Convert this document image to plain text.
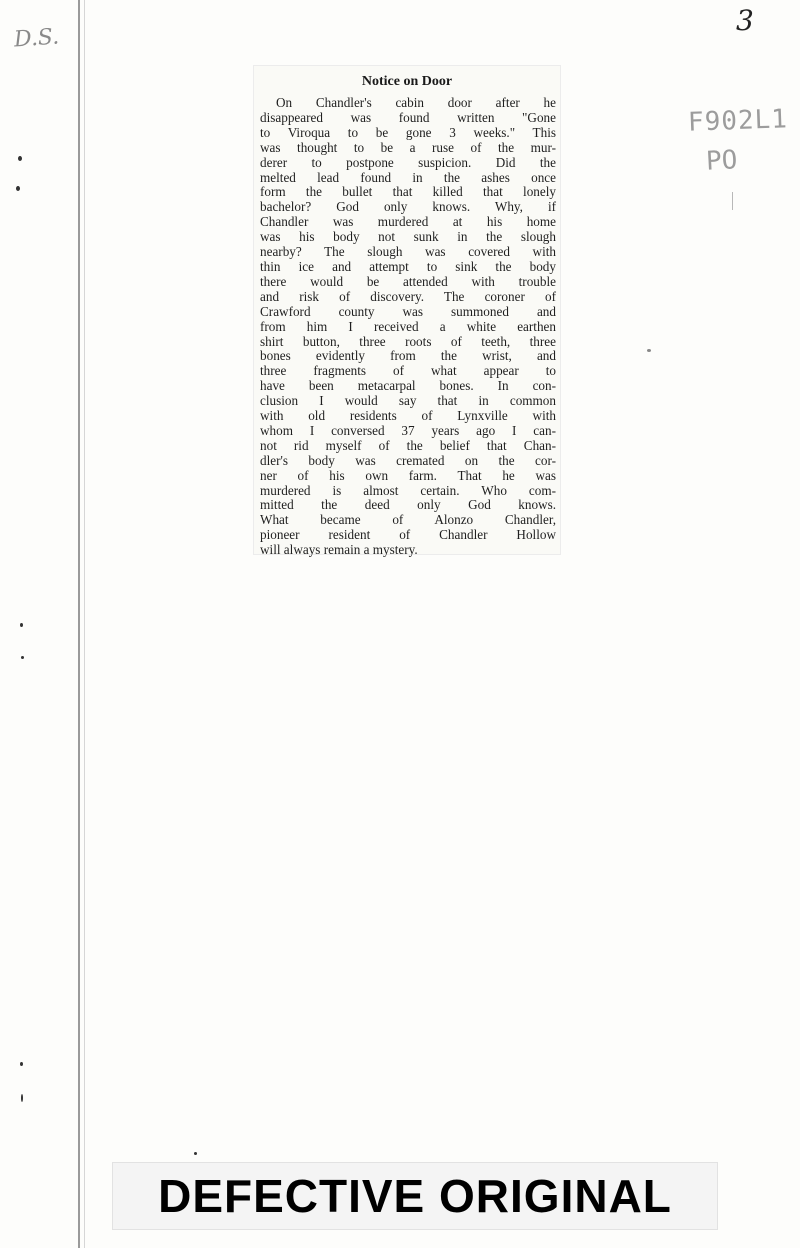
D.S.
3
F902L1
PO
Notice on Door
On Chandler's cabin door after he
disappeared was found written "Gone
to Viroqua to be gone 3 weeks." This
was thought to be a ruse of the mur-
derer to postpone suspicion. Did the
melted lead found in the ashes once
form the bullet that killed that lonely
bachelor? God only knows. Why, if
Chandler was murdered at his home
was his body not sunk in the slough
nearby? The slough was covered with
thin ice and attempt to sink the body
there would be attended with trouble
and risk of discovery. The coroner of
Crawford county was summoned and
from him I received a white earthen
shirt button, three roots of teeth, three
bones evidently from the wrist, and
three fragments of what appear to
have been metacarpal bones. In con-
clusion I would say that in common
with old residents of Lynxville with
whom I conversed 37 years ago I can-
not rid myself of the belief that Chan-
dler's body was cremated on the cor-
ner of his own farm. That he was
murdered is almost certain. Who com-
mitted the deed only God knows.
What became of Alonzo Chandler,
pioneer resident of Chandler Hollow
will always remain a mystery.
DEFECTIVE ORIGINAL
